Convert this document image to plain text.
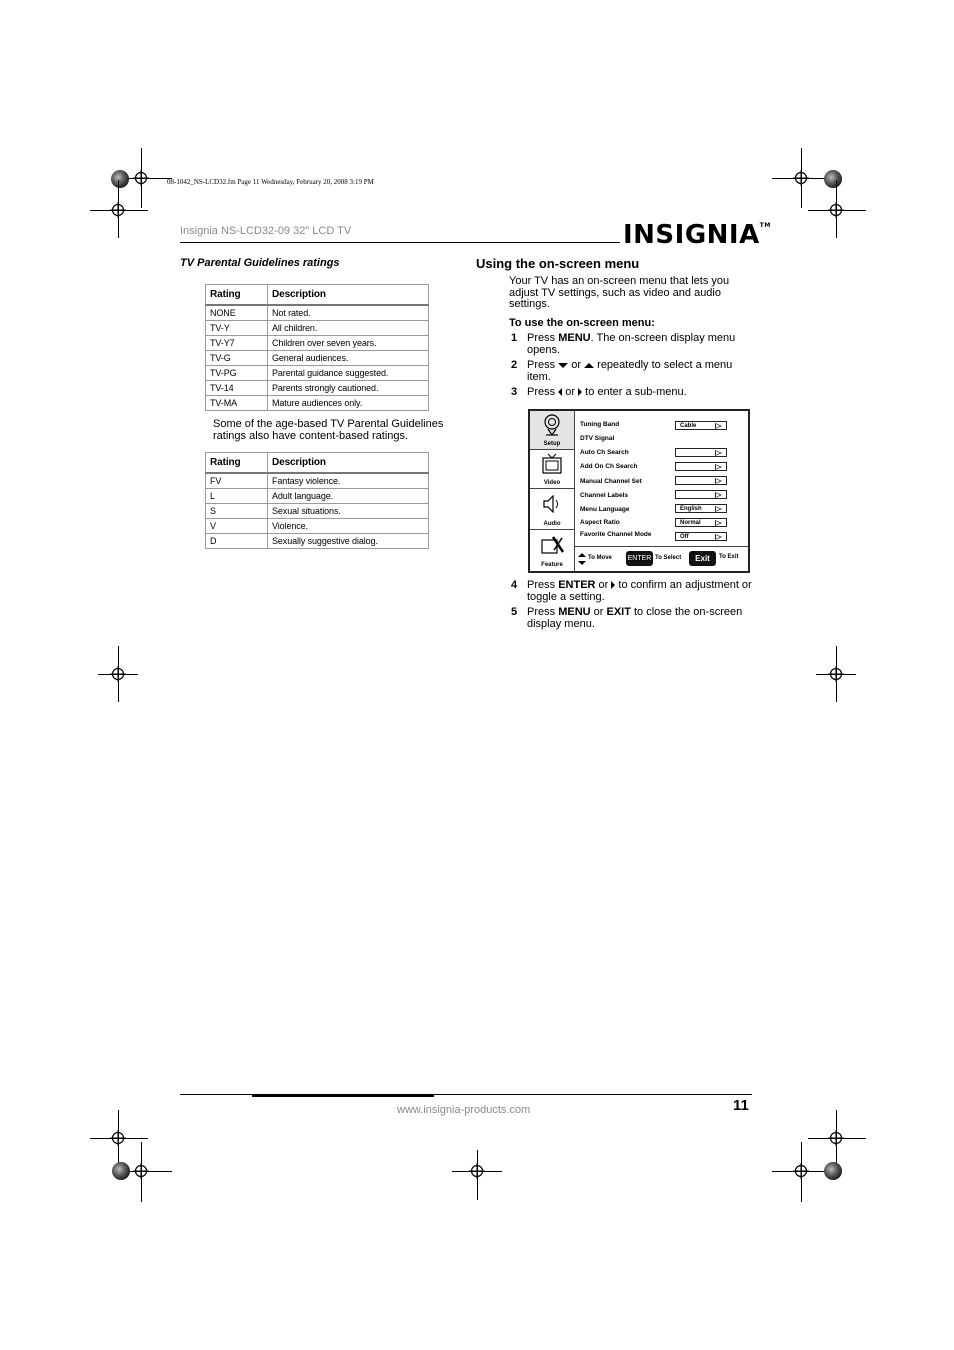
08-1042_NS-LCD32.fm Page 11 Wednesday, February 20, 2008 3:19 PM
Insignia NS-LCD32-09 32" LCD TV	INSIGNIA™
TV Parental Guidelines ratings
Rating	Description
NONE	Not rated.
TV-Y	All children.
TV-Y7	Children over seven years.
TV-G	General audiences.
TV-PG	Parental guidance suggested.
TV-14	Parents strongly cautioned.
TV-MA	Mature audiences only.
Some of the age-based TV Parental Guidelines ratings also have content-based ratings.
Rating	Description
FV	Fantasy violence.
L	Adult language.
S	Sexual situations.
V	Violence.
D	Sexually suggestive dialog.
Using the on-screen menu
Your TV has an on-screen menu that lets you adjust TV settings, such as video and audio settings.
To use the on-screen menu:
1 Press MENU. The on-screen display menu opens.
2 Press  or  repeatedly to select a menu item.
3 Press  or  to enter a sub-menu.
Setup
Video
Audio
Feature
Tuning Band
DTV Signal
Auto Ch Search
Add On Ch Search
Manual Channel Set
Channel Labels
Menu Language
Aspect Ratio
Favorite Channel Mode
Cable
English
Normal
Off
To Move ENTER To Select	Exit	To Exit
4 Press ENTER or  to confirm an adjustment or toggle a setting.
5 Press MENU or EXIT to close the on-screen display menu.
www.insignia-products.com	11
